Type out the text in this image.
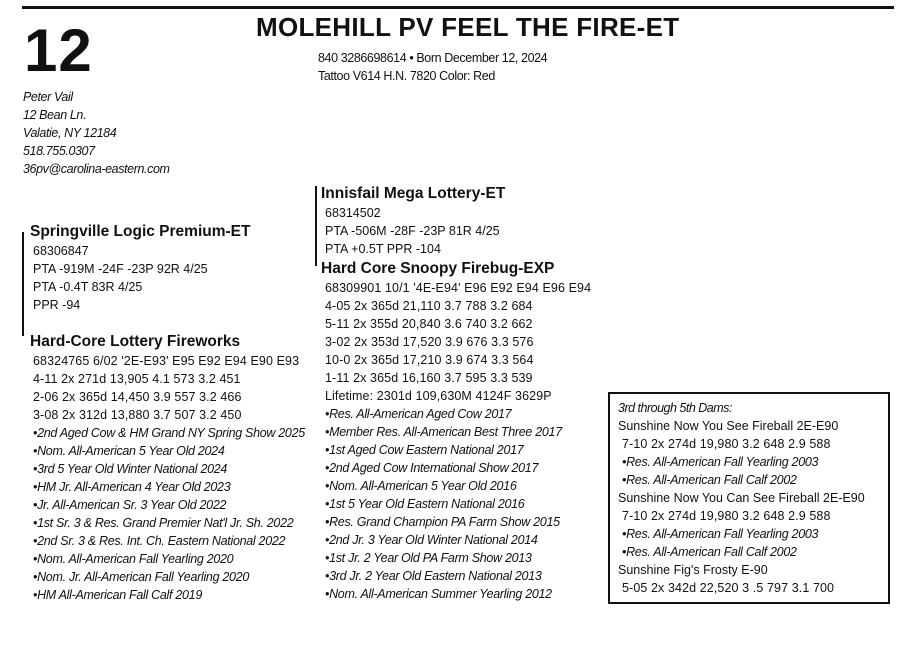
12	MOLEHILL PV FEEL THE FIRE-ET
840 3286698614 • Born December 12, 2024
Tattoo V614 H.N. 7820 Color: Red
Peter Vail
12 Bean Ln.
Valatie, NY 12184
518.755.0307
36pv@carolina-eastern.com
Springville Logic Premium-ET
68306847
PTA -919M -24F -23P 92R 4/25
PTA -0.4T 83R 4/25
PPR -94
Hard-Core Lottery Fireworks
68324765 6/02 '2E-E93' E95 E92 E94 E90 E93
4-11 2x 271d 13,905 4.1 573 3.2 451
2-06 2x 365d 14,450 3.9 557 3.2 466
3-08 2x 312d 13,880 3.7 507 3.2 450
•2nd Aged Cow & HM Grand NY Spring Show 2025
•Nom. All-American 5 Year Old 2024
•3rd 5 Year Old Winter National 2024
•HM Jr. All-American 4 Year Old 2023
•Jr. All-American Sr. 3 Year Old 2022
•1st Sr. 3 & Res. Grand Premier Nat'l Jr. Sh. 2022
•2nd Sr. 3 & Res. Int. Ch. Eastern National 2022
•Nom. All-American Fall Yearling 2020
•Nom. Jr. All-American Fall Yearling 2020
•HM All-American Fall Calf 2019
Innisfail Mega Lottery-ET
68314502
PTA -506M -28F -23P 81R 4/25
PTA +0.5T PPR -104
Hard Core Snoopy Firebug-EXP
68309901 10/1 '4E-E94' E96 E92 E94 E96 E94
4-05 2x 365d 21,110 3.7 788 3.2 684
5-11 2x 355d 20,840 3.6 740 3.2 662
3-02 2x 353d 17,520 3.9 676 3.3 576
10-0 2x 365d 17,210 3.9 674 3.3 564
1-11 2x 365d 16,160 3.7 595 3.3 539
Lifetime: 2301d 109,630M 4124F 3629P
•Res. All-American Aged Cow 2017
•Member Res. All-American Best Three 2017
•1st Aged Cow Eastern National 2017
•2nd Aged Cow International Show 2017
•Nom. All-American 5 Year Old 2016
•1st 5 Year Old Eastern National 2016
•Res. Grand Champion PA Farm Show 2015
•2nd Jr. 3 Year Old Winter National 2014
•1st Jr. 2 Year Old PA Farm Show 2013
•3rd Jr. 2 Year Old Eastern National 2013
•Nom. All-American Summer Yearling 2012
3rd through 5th Dams:
Sunshine Now You See Fireball 2E-E90
7-10 2x 274d 19,980 3.2 648 2.9 588
•Res. All-American Fall Yearling 2003
•Res. All-American Fall Calf 2002
Sunshine Now You Can See Fireball 2E-E90
7-10 2x 274d 19,980 3.2 648 2.9 588
•Res. All-American Fall Yearling 2003
•Res. All-American Fall Calf 2002
Sunshine Fig's Frosty E-90
5-05 2x 342d 22,520 3 .5 797 3.1 700
